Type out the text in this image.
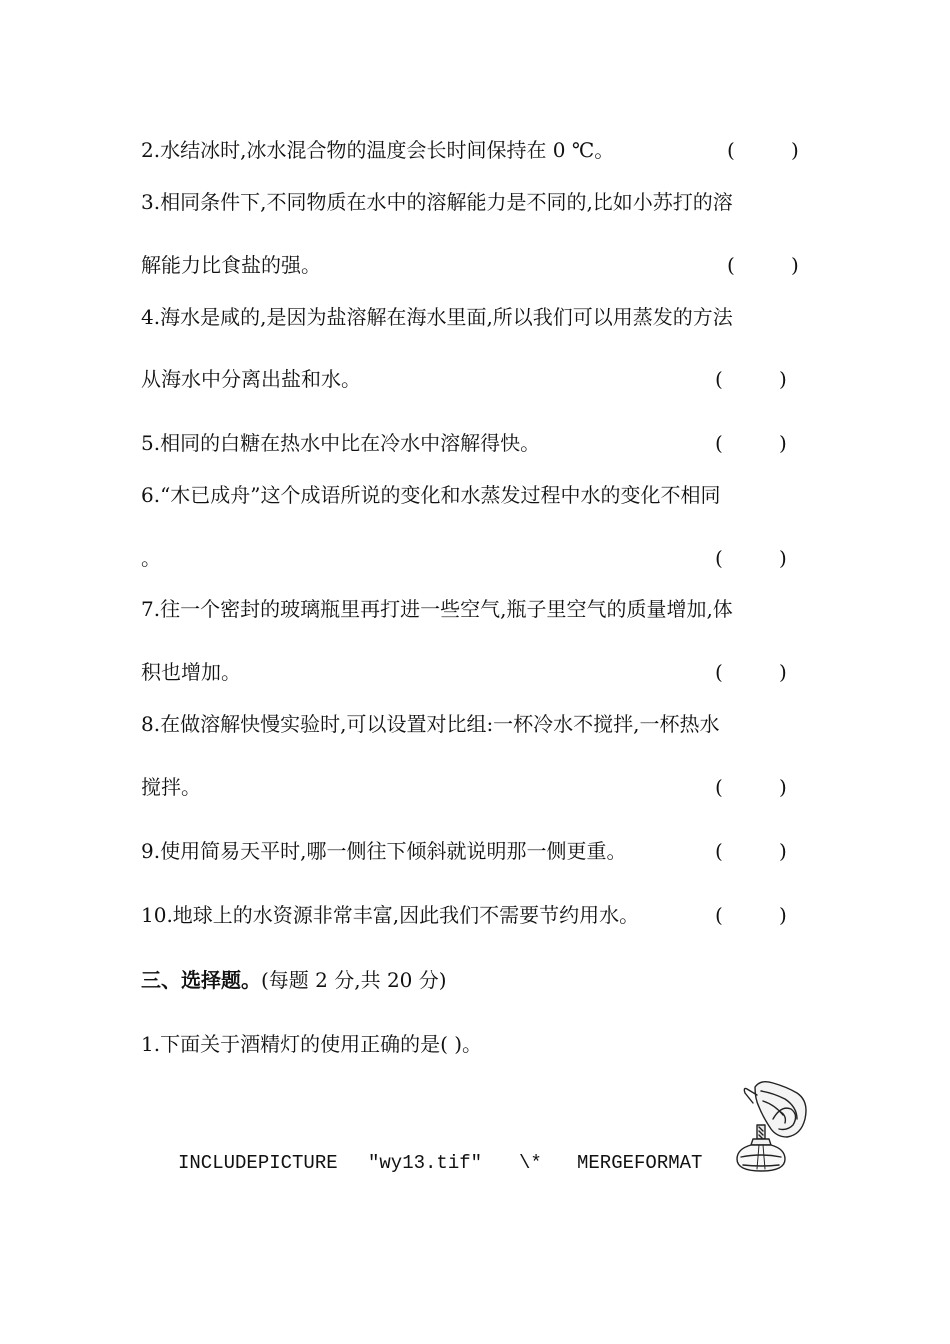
2.水结冰时,冰水混合物的温度会长时间保持在 0 ℃。	(	)
3.相同条件下,不同物质在水中的溶解能力是不同的,比如小苏打的溶
解能力比食盐的强。	(	)
4.海水是咸的,是因为盐溶解在海水里面,所以我们可以用蒸发的方法
从海水中分离出盐和水。	(	)
5.相同的白糖在热水中比在冷水中溶解得快。	(	)
6.“木已成舟”这个成语所说的变化和水蒸发过程中水的变化不相同
。	(	)
7.往一个密封的玻璃瓶里再打进一些空气,瓶子里空气的质量增加,体
积也增加。	(	)
8.在做溶解快慢实验时,可以设置对比组:一杯冷水不搅拌,一杯热水
搅拌。	(	)
9.使用简易天平时,哪一侧往下倾斜就说明那一侧更重。	(	)
10.地球上的水资源非常丰富,因此我们不需要节约用水。	(	)
三、选择题。(每题 2 分,共 20 分)
1.下面关于酒精灯的使用正确的是( )。
INCLUDEPICTURE "wy13.tif" \* MERGEFORMAT
